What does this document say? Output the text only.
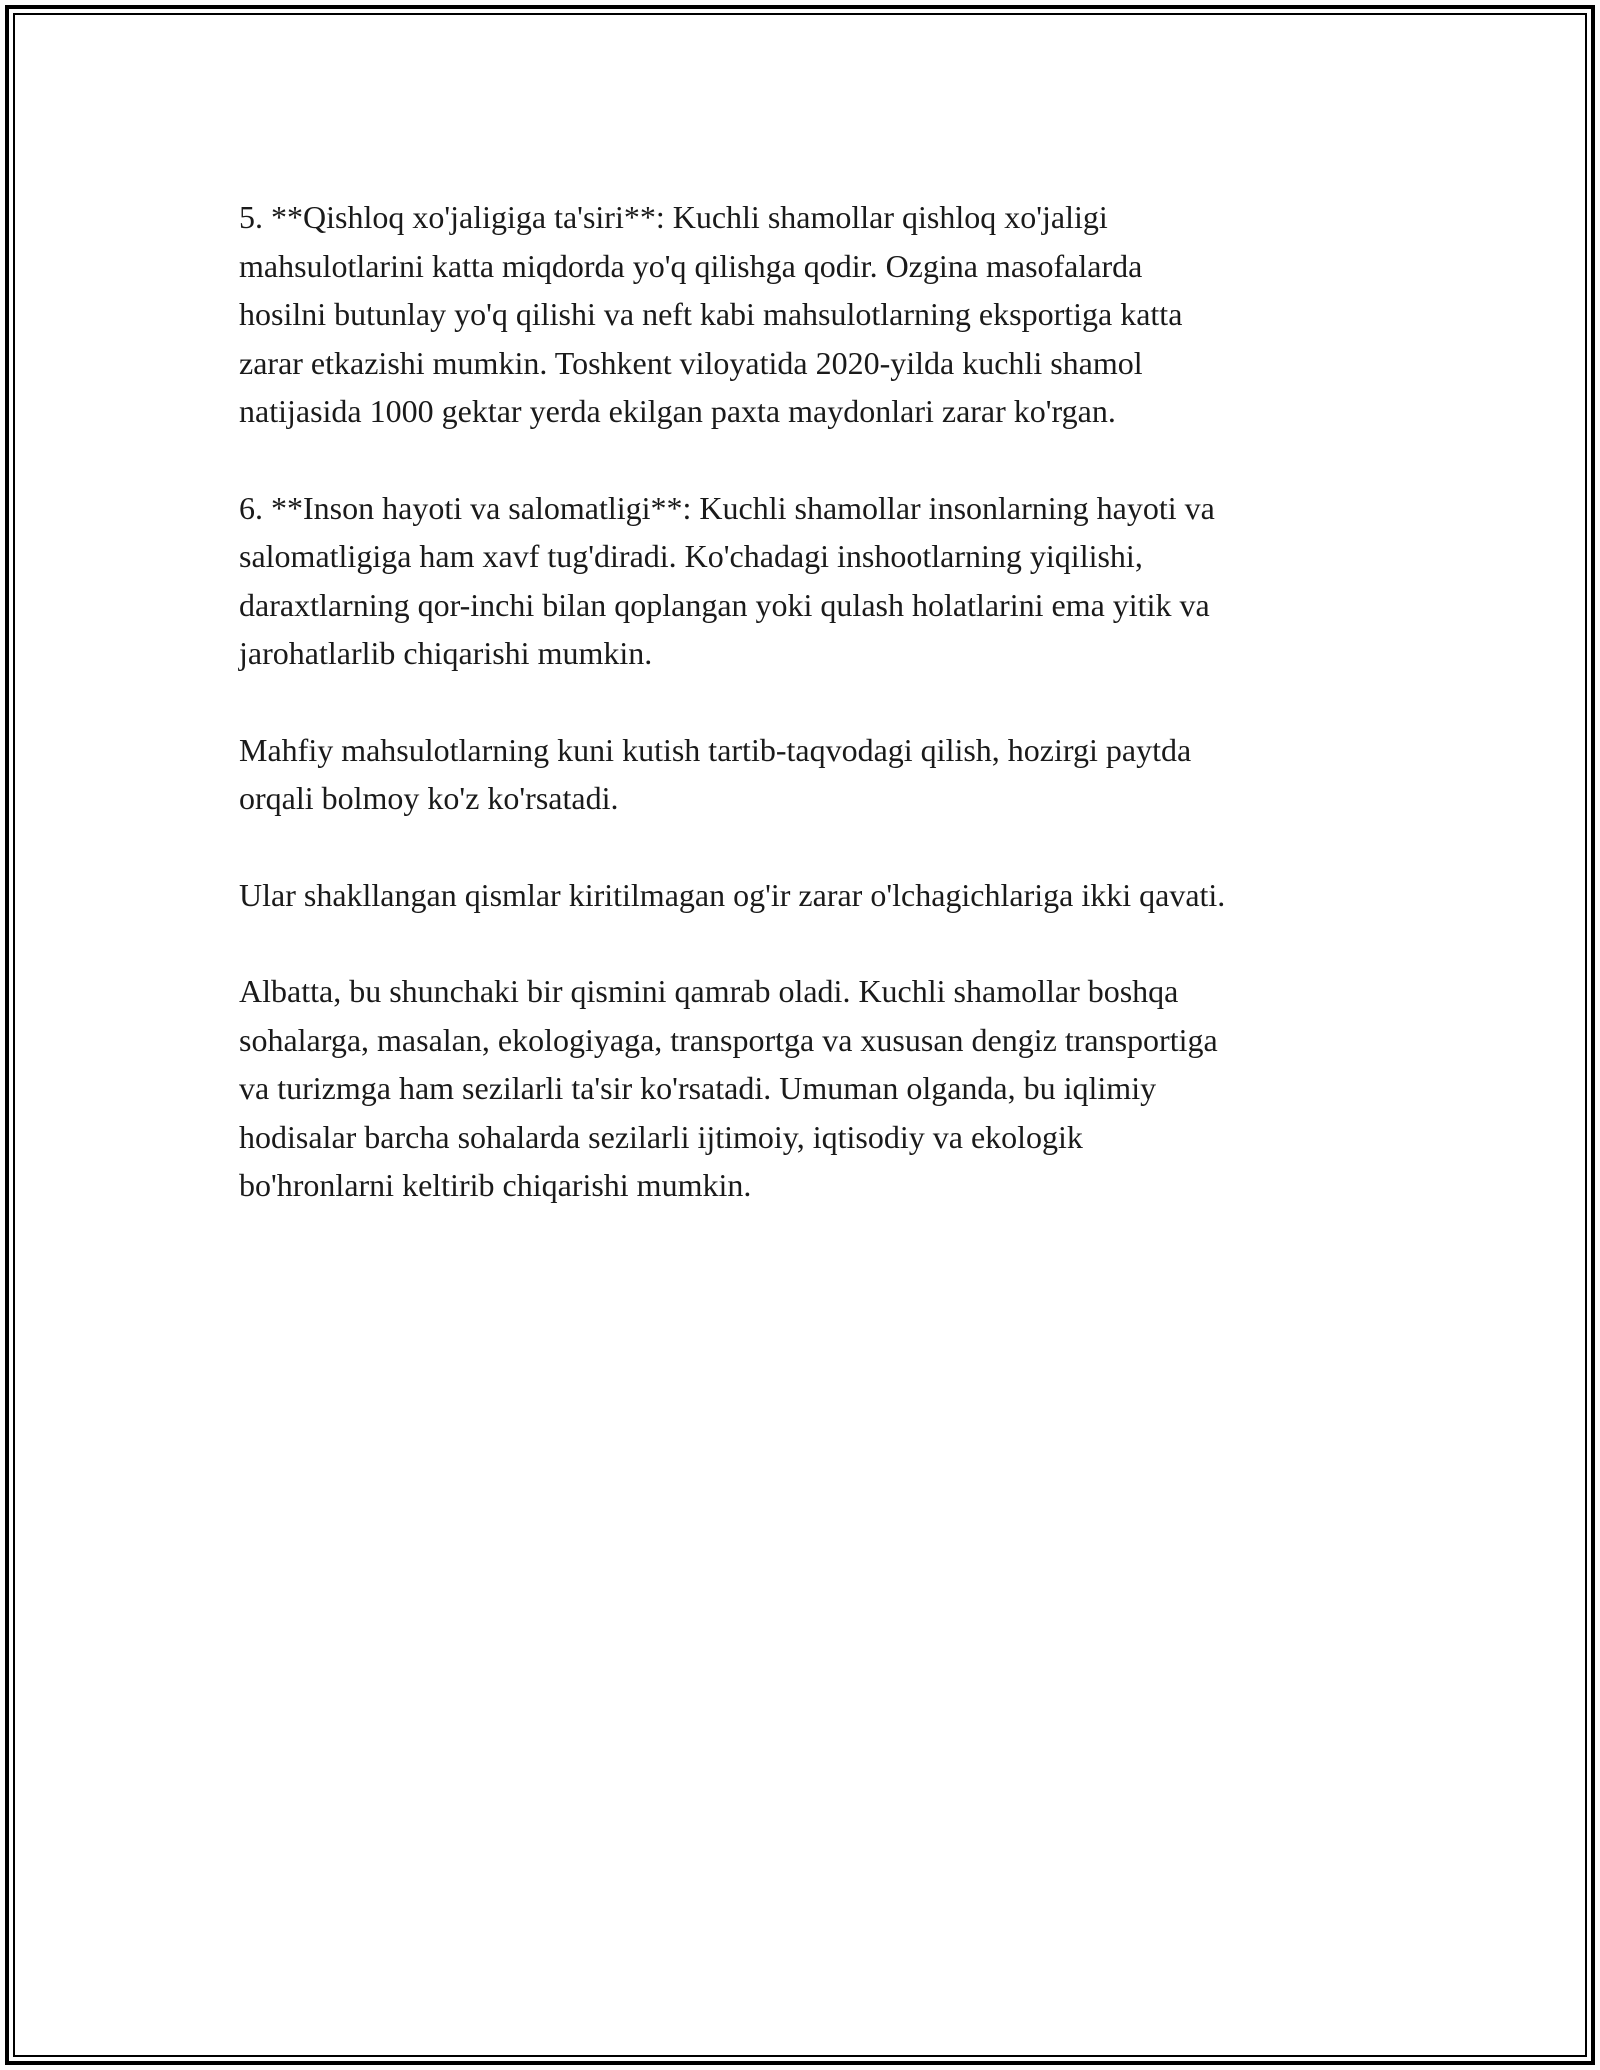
5. **Qishloq xo'jaligiga ta'siri**: Kuchli shamollar qishloq xo'jaligi
mahsulotlarini katta miqdorda yo'q qilishga qodir. Ozgina masofalarda
hosilni butunlay yo'q qilishi va neft kabi mahsulotlarning eksportiga katta
zarar etkazishi mumkin. Toshkent viloyatida 2020-yilda kuchli shamol
natijasida 1000 gektar yerda ekilgan paxta maydonlari zarar ko'rgan.

6. **Inson hayoti va salomatligi**: Kuchli shamollar insonlarning hayoti va
salomatligiga ham xavf tug'diradi. Ko'chadagi inshootlarning yiqilishi,
daraxtlarning qor-inchi bilan qoplangan yoki qulash holatlarini ema yitik va
jarohatlarlib chiqarishi mumkin.

Mahfiy mahsulotlarning kuni kutish tartib-taqvodagi qilish, hozirgi paytda
orqali bolmoy ko'z ko'rsatadi.

Ular shakllangan qismlar kiritilmagan og'ir zarar o'lchagichlariga ikki qavati.

Albatta, bu shunchaki bir qismini qamrab oladi. Kuchli shamollar boshqa
sohalarga, masalan, ekologiyaga, transportga va xususan dengiz transportiga
va turizmga ham sezilarli ta'sir ko'rsatadi. Umuman olganda, bu iqlimiy
hodisalar barcha sohalarda sezilarli ijtimoiy, iqtisodiy va ekologik
bo'hronlarni keltirib chiqarishi mumkin.
